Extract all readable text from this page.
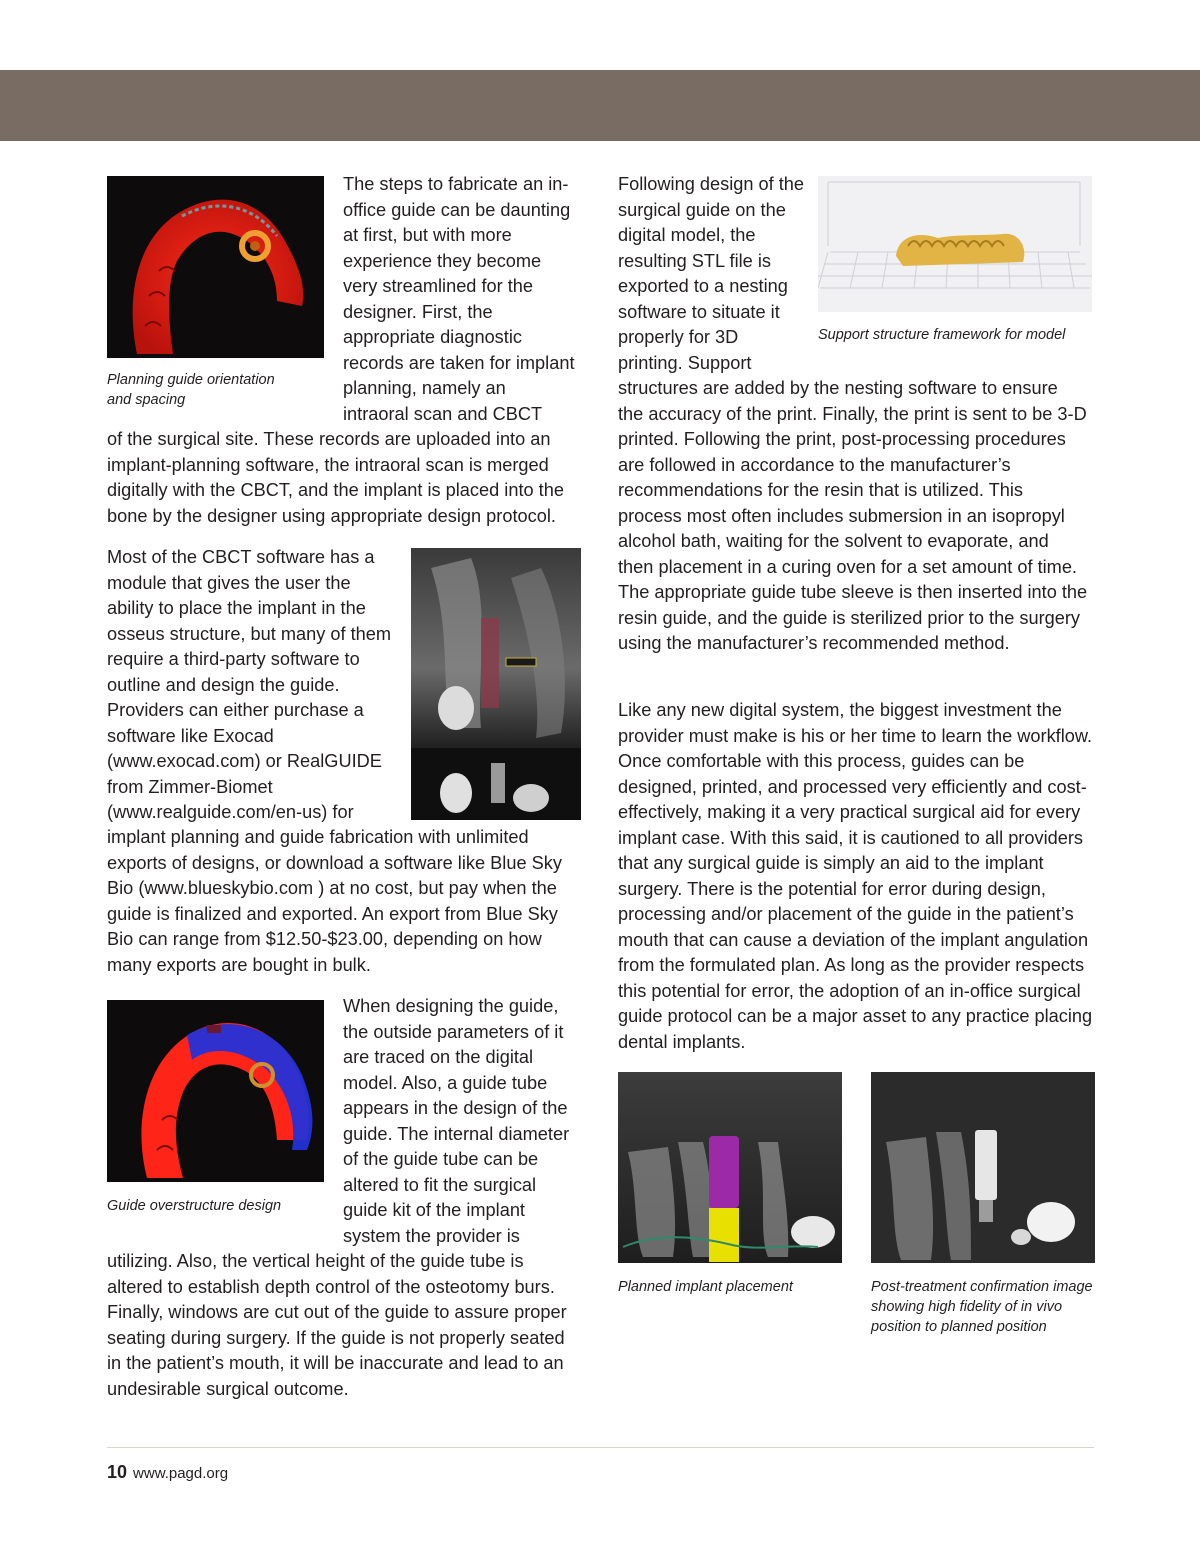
Planning guide orientation
and spacing

The steps to fabricate an in-office guide can be daunting at first, but with more experience they become very streamlined for the designer. First, the appropriate diagnostic records are taken for implant planning, namely an intraoral scan and CBCT

of the surgical site. These records are uploaded into an implant-planning software, the intraoral scan is merged digitally with the CBCT, and the implant is placed into the bone by the designer using appropriate design protocol.

Most of the CBCT software has a module that gives the user the ability to place the implant in the osseus structure, but many of them require a third-party software to outline and design the guide. Providers can either purchase a software like Exocad (www.exocad.com) or RealGUIDE from Zimmer-Biomet (www.realguide.com/en-us) for

implant planning and guide fabrication with unlimited exports of designs, or download a software like Blue Sky Bio (www.blueskybio.com ) at no cost, but pay when the guide is finalized and exported. An export from Blue Sky Bio can range from $12.50-$23.00, depending on how many exports are bought in bulk.

Guide overstructure design

When designing the guide, the outside parameters of it are traced on the digital model. Also, a guide tube appears in the design of the guide. The internal diameter of the guide tube can be altered to fit the surgical guide kit of the implant system the provider is

utilizing. Also, the vertical height of the guide tube is altered to establish depth control of the osteotomy burs. Finally, windows are cut out of the guide to assure proper seating during surgery. If the guide is not properly seated in the patient’s mouth, it will be inaccurate and lead to an undesirable surgical outcome.

Following design of the surgical guide on the digital model, the resulting STL file is exported to a nesting software to situate it properly for 3D printing. Support

Support structure framework for model

structures are added by the nesting software to ensure the accuracy of the print. Finally, the print is sent to be 3-D printed. Following the print, post-processing procedures are followed in accordance to the manufacturer’s recommendations for the resin that is utilized. This process most often includes submersion in an isopropyl alcohol bath, waiting for the solvent to evaporate, and then placement in a curing oven for a set amount of time. The appropriate guide tube sleeve is then inserted into the resin guide, and the guide is sterilized prior to the surgery using the manufacturer’s recommended method.

Like any new digital system, the biggest investment the provider must make is his or her time to learn the workflow. Once comfortable with this process, guides can be designed, printed, and processed very efficiently and cost-effectively, making it a very practical surgical aid for every implant case. With this said, it is cautioned to all providers that any surgical guide is simply an aid to the implant surgery. There is the potential for error during design, processing and/or placement of the guide in the patient’s mouth that can cause a deviation of the implant angulation from the formulated plan. As long as the provider respects this potential for error, the adoption of an in-office surgical guide protocol can be a major asset to any practice placing dental implants.

Planned implant placement	Post-treatment confirmation image showing high fidelity of in vivo position to planned position

10 www.pagd.org
